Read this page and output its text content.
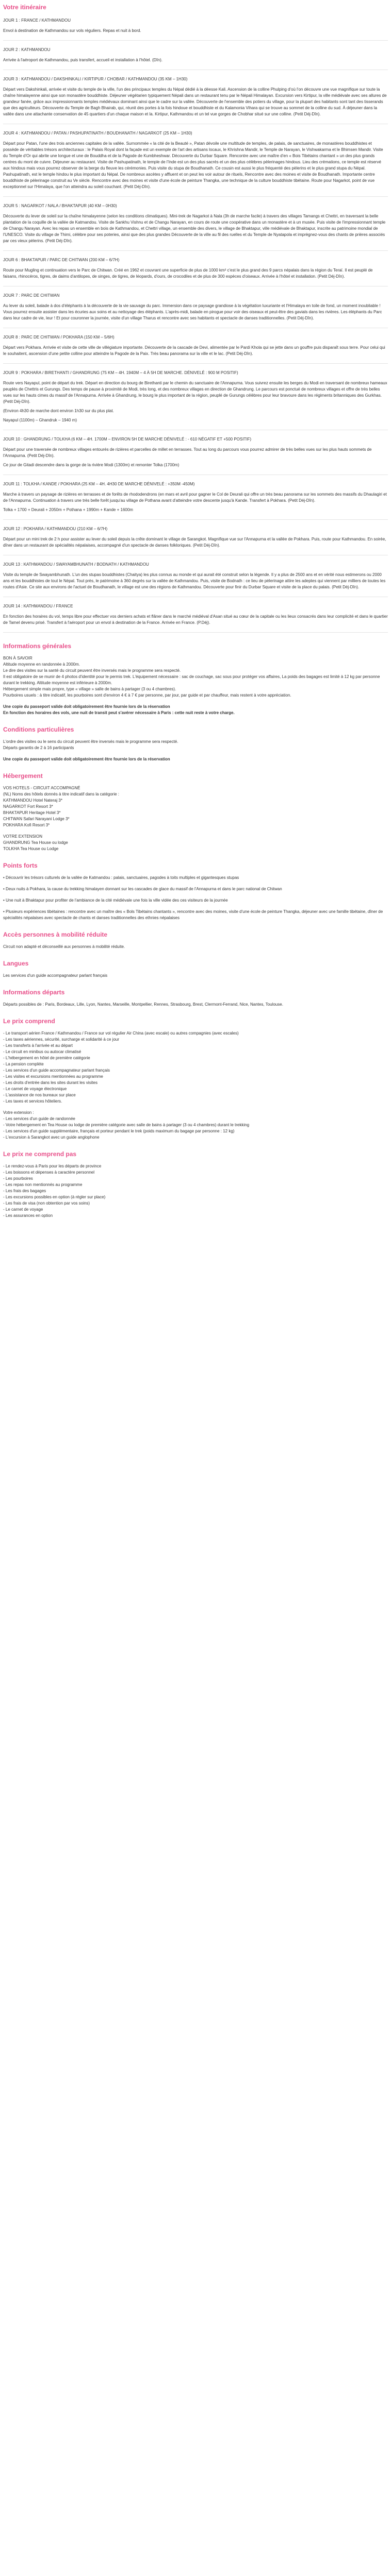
Votre itinéraire
JOUR 1 : FRANCE / KATHMANDOU

Envol à destination de Kathmandou sur vols réguliers. Repas et nuit à bord.

JOUR 2 : KATHMANDOU

Arrivée à l'aéroport de Kathmandou, puis transfert, accueil et installation à l'hôtel. (Dîn).

JOUR 3 : KATHMANDOU / DAKSHINKALI / KIRTIPUR / CHOBAR / KATHMANDOU (35 KM – 1H30)

Départ vers Dakshinkali, arrivée et visite du temple de la ville, l'un des principaux temples du Népal dédié à la déesse Kali. Ascension de la colline Phulping d'où l'on découvre une vue magnifique sur toute la chaîne himalayenne ainsi que son monastère bouddhiste. Déjeuner végétarien typiquement Népali dans un restaurant tenu par le Népali Himalayan. Excursion vers Kirtipur, la ville médiévale avec ses allures de grandeur fanée, grâce aux impressionnants temples médiévaux dominant ainsi que le cadre sur la vallée. Découverte de l'ensemble des potiers du village, pour la plupart des habitants sont tant des tisserands que des agriculteurs. Découverte du Temple de Bagh Bhairab, qui, réunit des portes à la fois hindoue et bouddhiste et du Kalamonia Vihara qui se trouve au sommet de la colline du sud. À déjeuner dans la vallée dans une attachante conservation de 45 quartiers d'un chaque maison et la. Kirtipur, Kathmandou et un tel vue gorges de Chobhar situé sur une colline. (Petit Déj-Dîn).

JOUR 4 : KATHMANDOU / PATAN / PASHUPATINATH / BOUDHANATH / NAGARKOT (25 KM – 1H30)

Départ pour Patan, l'une des trois anciennes capitales de la vallée. Surnommée « la cité de la Beauté », Patan dévoile une multitude de temples, de palais, de sanctuaires, de monastères bouddhistes et possède de véritables trésors architecturaux : le Palais Royal dont la façade est un exemple de l'art des artisans locaux, le Khrishna Mandir, le Temple de Narayan, le Vishwakarma et le Bhimsen Mandir. Visite du Temple d'Or qui abrite une longue et une de Bouddha et de la Pagode de Kumbheshwar. Découverte du Durbar Square. Rencontre avec une maître d'en « Bois Tibétains chantant » un des plus grands centres du mont de cuivre. Déjeuner au restaurant. Visite de Pashupatinath, le temple de l'Inde est un des plus sacrés et un des plus célèbres pèlerinages hindous. Lieu des crémations, ce temple est réservé aux hindous mais vous pourrez observer de la berge du fleuve les cérémonies. Puis visite du stupa de Boudhanath. Ce cousin est aussi le plus fréquenté des pèlerins et le plus grand stupa du Népal. Pashupatinath, est le temple hindou le plus important du Népal. De nombreux ascètes y affluent et on peut les voir autour de rituels, Rencontre avec des moines et visite de Boudhanath. Importante centre bouddhiste de pèlerinage construit au Ve siècle. Rencontre avec des moines et visite d'une école de peinture Thangka, une technique de la culture bouddhiste tibétaine. Route pour Nagarkot, point de vue exceptionnel sur l'Himalaya, que l'on atteindra au soleil couchant. (Petit Déj-Dîn).

JOUR 5 : NAGARKOT / NALA / BHAKTAPUR (40 KM – 0H30)

Découverte du lever de soleil sur la chaîne himalayenne (selon les conditions climatiques). Mini-trek de Nagarkot à Nala (3h de marche facile) à travers des villages Tamangs et Chettri, en traversant la belle plantation de la coquille de la vallée de Katmandou. Visite de Sankhu Vishnu et de Changu Narayan, en cours de route une coopérative dans un monastère et à un musée. Puis visite de l'impressionnant temple de Changu Narayan. Avec les repas un ensemble en bois de Kathmandou, et Chettri village, un ensemble des divers, le village de Bhaktapur, ville médiévale de Bhaktapur, inscrite au patrimoine mondial de l'UNESCO. Visite du village de Thimi, célèbre pour ses poteries, ainsi que des plus grandes Découverte de la ville au fil des ruelles et du Temple de Nyatapola et imprègnez-vous des chants de prières associés par ces vieux pèlerins. (Petit Déj-Dîn).

JOUR 6 : BHAKTAPUR / PARC DE CHITWAN (200 KM – 6/7H)

Route pour Mugling et continuation vers le Parc de Chitwan. Créé en 1962 et couvrant une superficie de plus de 1000 km² c'est le plus grand des 9 parcs népalais dans la région du Teraï. Il est peuplé de faisans, rhinocéros, tigres, de daims d'antilopes, de singes, de tigres, de léopards, d'ours, de crocodiles et de plus de 300 espèces d'oiseaux. Arrivée à l'hôtel et installation. (Petit Déj-Dîn).

JOUR 7 : PARC DE CHITWAN

Au lever du soleil, balade à dos d'éléphants à la découverte de la vie sauvage du parc. Immersion dans ce paysage grandiose à la végétation luxuriante et l'Himalaya en toile de fond, un moment inoubliable ! Vous pourrez ensuite assister dans les écuries aux soins et au nettoyage des éléphants. L'après-midi, balade en pirogue pour voir des oiseaux et peut-être des gavials dans les rivières. Les éléphants du Parc dans leur cadre de vie, leur ! Et pour couronner la journée, visite d'un village Tharus et rencontre avec ses habitants et spectacle de danses traditionnelles. (Petit Déj-Dîn).

JOUR 8 : PARC DE CHITWAN / POKHARA (150 KM – 5/6H)

Départ vers Pokhara. Arrivée et visite de cette ville de villégiature importante. Découverte de la cascade de Devi, alimentée par le Pardi Khola qui se jette dans un gouffre puis disparaît sous terre. Pour celui qui le souhaitent, ascension d'une petite colline pour atteindre la Pagode de la Paix. Très beau panorama sur la ville et le lac. (Petit Déj-Dîn).

JOUR 9 : POKHARA / BIRETHANTI / GHANDRUNG (75 KM – 4H. 1940M – 4 À 5H DE MARCHE. DÉNIVELÉ : 900 M POSITIF)

Route vers Nayapul, point de départ du trek. Départ en direction du bourg de Birethanti par le chemin du sanctuaire de l'Annapurna. Vous suivrez ensuite les berges du Modi en traversant de nombreux hameaux peuplés de Chettris et Gurungs. Des temps de pause à proximité de Modi, très long, et des nombreux villages en direction de Ghandrung. Le parcours est ponctué de nombreux villages et offre de très belles vues sur les hauts cimes du massif de l'Annapurna. Arrivée à Ghandrung, le bourg le plus important de la région, peuplé de Gurungs célèbres pour leur bravoure dans les régiments britanniques des Gurkhas. (Petit Déj-Dîn).

(Environ 4h30 de marche dont environ 1h30 sur du plus plat.

Nayapul (1100m) – Ghandruk – 1940 m)

JOUR 10 : GHANDRUNG / TOLKHA (6 KM – 4H. 1700M – ENVIRON 5H DE MARCHE DÉNIVELÉ : - 610 NÉGATIF ET +500 POSITIF)

Départ pour une traversée de nombreux villages entourés de rizières et parcelles de millet en terrasses. Tout au long du parcours vous pourrez admirer de très belles vues sur les plus hauts sommets de l'Annapurna. (Petit Déj-Dîn).

Ce jour de Gitadi descendre dans la gorge de la rivière Modi (1300m) et remonter Tolka (1700m)

JOUR 11 : TOLKHA / KANDE / POKHARA (25 KM – 4H. 4H30 DE MARCHE DÉNIVELÉ : +350M -450M)

Marche à travers un paysage de rizières en terrasses et de forêts de rhododendrons (en mars et avril pour gagner le Col de Deurali qui offre un très beau panorama sur les sommets des massifs du Dhaulagiri et de l'Annapurna. Continuation à travers une très belle forêt jusqu'au village de Pothana avant d'atteindre votre descente jusqu'à Kande. Transfert à Pokhara. (Petit Déj-Dîn).

Tolka + 1700 + Deurali + 2050m + Pothana + 1990m + Kande + 1600m

JOUR 12 : POKHARA / KATHMANDOU (210 KM – 6/7H)

Départ pour un mini trek de 2 h pour assister au lever du soleil depuis la crête dominant le village de Sarangkot. Magnifique vue sur l'Annapurna et la vallée de Pokhara. Puis, route pour Kathmandou. En soirée, dîner dans un restaurant de spécialités népalaises, accompagné d'un spectacle de danses folkloriques. (Petit Déj-Dîn).

JOUR 13 : KATHMANDOU / SWAYAMBHUNATH / BODNATH / KATHMANDOU

Visite du temple de Swayambhunath. L'un des stupas bouddhistes (Chaitya) les plus connus au monde et qui aurait été construit selon la légende. Il y a plus de 2500 ans et en vérité nous estimerons ou 2000 ans et les bouddhistes de tout le Népal. Tout près, le patrimoine à 360 degrés sur la vallée de Kathmandou. Puis, visite de Bodnath : ce lieu de pèlerinage attire les adeptes qui viennent par milliers de toutes les routes d'Asie. Ce site aux environs de l'actuel de Boudhanath, le village est une des régions de Kathmandou. Découverte pour finir du Durbar Square et visite de la place du palais. (Petit Déj-Dîn).

JOUR 14 : KATHMANDOU / FRANCE

En fonction des horaires du vol, temps libre pour effectuer vos derniers achats et flâner dans le marché médiéval d'Asan situé au cœur de la capitale ou les lieux consacrés dans leur complicité et dans le quartier de Tamel devenu prisé. Transfert à l'aéroport pour un envol à destination de la France. Arrivée en France. (P.Déj).

Informations générales

BON À SAVOIR

Altitude moyenne en randonnée à 2000m.

Le dire des visites sur la santé du circuit peuvent être inversés mais le programme sera respecté.

Il est obligatoire de se munir de 4 photos d'identité pour le permis trek. L'équipement nécessaire : sac de couchage, sac sous pour protéger vos affaires, La poids des bagages est limité à 12 kg par personne durant le trekking. Altitude moyenne est inférieure à 2000m.

Hébergement simple mais propre, type « village » salle de bains à partager (3 ou 4 chambres).

Pourboires usuels : à titre indicatif, les pourboires sont d'environ 4 € à 7 € par personne, par jour, par guide et par chauffeur, mais restent à votre appréciation.

Une copie du passeport valide doit obligatoirement être fournie lors de la réservation

En fonction des horaires des vols, une nuit de transit peut s'avérer nécessaire à Paris : cette nuit reste à votre charge.

Conditions particulières

L'ordre des visites ou le sens du circuit peuvent être inversés mais le programme sera respecté.

Départs garantis de 2 à 16 participants

Une copie du passeport valide doit obligatoirement être fournie lors de la réservation

Hébergement

VOS HOTELS - CIRCUIT ACCOMPAGNÉ

(NL) Noms des hôtels donnés à titre indicatif dans la catégorie :

KATHMANDOU Hotel Nateraj 3*

NAGARKOT Fort Resort 3*

BHAKTAPUR Heritage Hotel 3*

CHITWAN Safari Narayani Lodge 3*

POKHARA Kofi Resort 3*

VOTRE EXTENSION

GHANDRUNG Tea House ou lodge

TOLKHA Tea House ou Lodge

Points forts
• Découvrir les trésors culturels de la vallée de Katmandou : palais, sanctuaires, pagodes à toits multiples et gigantesques stupas
• Deux nuits à Pokhara, la cause du trekking himalayen donnant sur les cascades de glace du massif de l'Annapurna et dans le parc national de Chitwan
• Une nuit à Bhaktapur pour profiter de l'ambiance de la cité médiévale une fois la ville vidée des ces visiteurs de la journée
• Plusieurs expériences tibétaines : rencontre avec un maître des « Bols Tibétains chantants », rencontre avec des moines, visite d'une école de peinture Thangka, déjeuner avec une famille tibétaine, dîner de spécialités népalaises avec spectacle de chants et danses traditionnelles des ethnies népalaises
Accès personnes à mobilité réduite

Circuit non adapté et déconseillé aux personnes à mobilité réduite.

Langues

Les services d'un guide accompagnateur parlant français

Informations départs

Départs possibles de : Paris, Bordeaux, Lille, Lyon, Nantes, Marseille, Montpellier, Rennes, Strasbourg, Brest, Clermont-Ferrand, Nice, Nantes, Toulouse.

Le prix comprend
- Le transport aérien France / Kathmandou / France sur vol régulier Air China (avec escale) ou autres compagnies (avec escales)
- Les taxes aériennes, sécurité, surcharge et solidarité à ce jour
- Les transferts à l'arrivée et au départ
- Le circuit en minibus ou autocar climatisé
- L'hébergement en hôtel de première catégorie
- La pension complète
- Les services d'un guide accompagnateur parlant français
- Les visites et excursions mentionnées au programme
- Les droits d'entrée dans les sites durant les visites
- Le carnet de voyage électronique
- L'assistance de nos bureaux sur place
- Les taxes et services hôteliers.

Votre extension :

- Les services d'un guide de randonnée
- Votre hébergement en Tea House ou lodge de première catégorie avec salle de bains à partager (3 ou 4 chambres) durant le trekking
- Les services d'un guide supplémentaire, français et porteur pendant le trek (poids maximum du bagage par personne : 12 kg)
- L'excursion à Sarangkot avec un guide anglophone
Le prix ne comprend pas
- Le rendez-vous à Paris pour les départs de province
- Les boissons et dépenses à caractère personnel
- Les pourboires
- Les repas non mentionnés au programme
- Les frais des bagages
- Les excursions possibles en option (à régler sur place)
- Les frais de visa (non obtention par vos soins)
- Le carnet de voyage
- Les assurances en option
